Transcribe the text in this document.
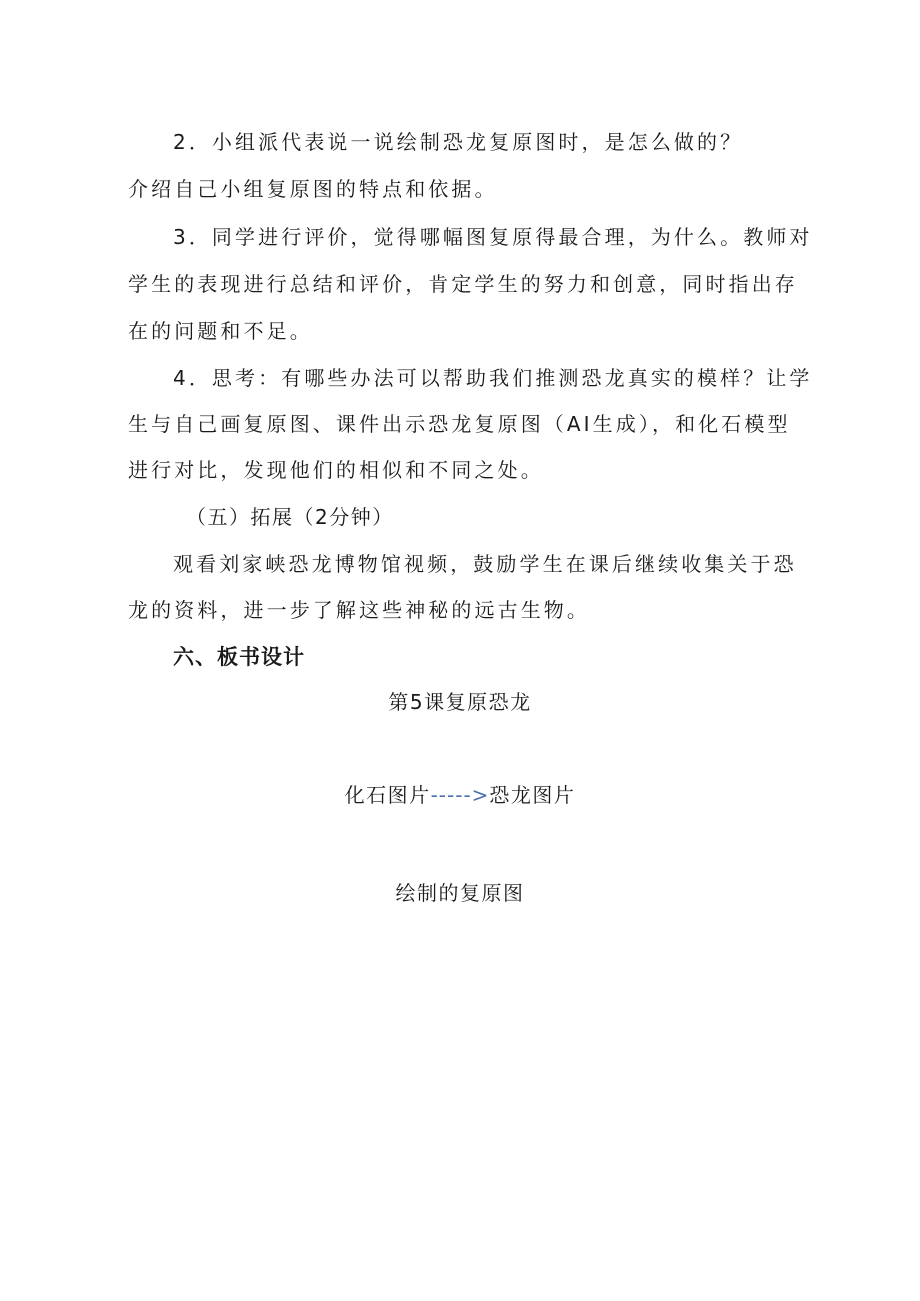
2．小组派代表说一说绘制恐龙复原图时，是怎么做的？
介绍自己小组复原图的特点和依据。
3．同学进行评价，觉得哪幅图复原得最合理，为什么。教师对
学生的表现进行总结和评价，肯定学生的努力和创意，同时指出存
在的问题和不足。
4．思考：有哪些办法可以帮助我们推测恐龙真实的模样？让学
生与自己画复原图、课件出示恐龙复原图（AI生成），和化石模型
进行对比，发现他们的相似和不同之处。
（五）拓展（2分钟）
观看刘家峡恐龙博物馆视频，鼓励学生在课后继续收集关于恐
龙的资料，进一步了解这些神秘的远古生物。
六、板书设计
第5课复原恐龙
化石图片----->恐龙图片
绘制的复原图
